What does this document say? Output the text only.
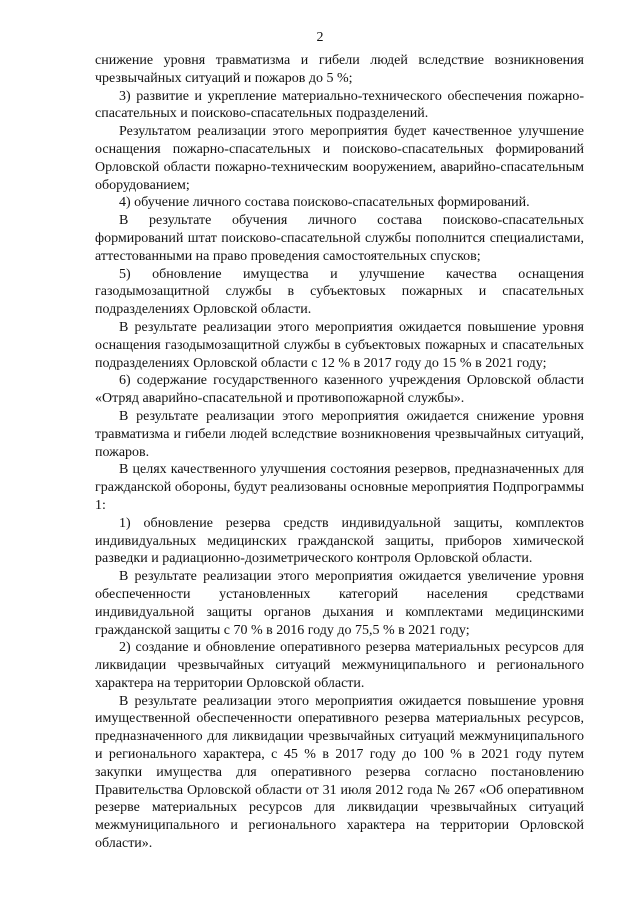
2

снижение уровня травматизма и гибели людей вследствие возникновения чрезвычайных ситуаций и пожаров до 5 %;

3) развитие и укрепление материально-технического обеспечения пожарно-спасательных и поисково-спасательных подразделений.

Результатом реализации этого мероприятия будет качественное улучшение оснащения пожарно-спасательных и поисково-спасательных формирований Орловской области пожарно-техническим вооружением, аварийно-спасательным оборудованием;

4) обучение личного состава поисково-спасательных формирований.

В результате обучения личного состава поисково-спасательных формирований штат поисково-спасательной службы пополнится специалистами, аттестованными на право проведения самостоятельных спусков;

5) обновление имущества и улучшение качества оснащения газодымозащитной службы в субъектовых пожарных и спасательных подразделениях Орловской области.

В результате реализации этого мероприятия ожидается повышение уровня оснащения газодымозащитной службы в субъектовых пожарных и спасательных подразделениях Орловской области с 12 % в 2017 году до 15 % в 2021 году;

6) содержание государственного казенного учреждения Орловской области «Отряд аварийно-спасательной и противопожарной службы».

В результате реализации этого мероприятия ожидается снижение уровня травматизма и гибели людей вследствие возникновения чрезвычайных ситуаций, пожаров.

В целях качественного улучшения состояния резервов, предназначенных для гражданской обороны, будут реализованы основные мероприятия Подпрограммы 1:

1) обновление резерва средств индивидуальной защиты, комплектов индивидуальных медицинских гражданской защиты, приборов химической разведки и радиационно-дозиметрического контроля Орловской области.

В результате реализации этого мероприятия ожидается увеличение уровня обеспеченности установленных категорий населения средствами индивидуальной защиты органов дыхания и комплектами медицинскими гражданской защиты с 70 % в 2016 году до 75,5 % в 2021 году;

2) создание и обновление оперативного резерва материальных ресурсов для ликвидации чрезвычайных ситуаций межмуниципального и регионального характера на территории Орловской области.

В результате реализации этого мероприятия ожидается повышение уровня имущественной обеспеченности оперативного резерва материальных ресурсов, предназначенного для ликвидации чрезвычайных ситуаций межмуниципального и регионального характера, с 45 % в 2017 году до 100 % в 2021 году путем закупки имущества для оперативного резерва согласно постановлению Правительства Орловской области от 31 июля 2012 года № 267 «Об оперативном резерве материальных ресурсов для ликвидации чрезвычайных ситуаций межмуниципального и регионального характера на территории Орловской области».
